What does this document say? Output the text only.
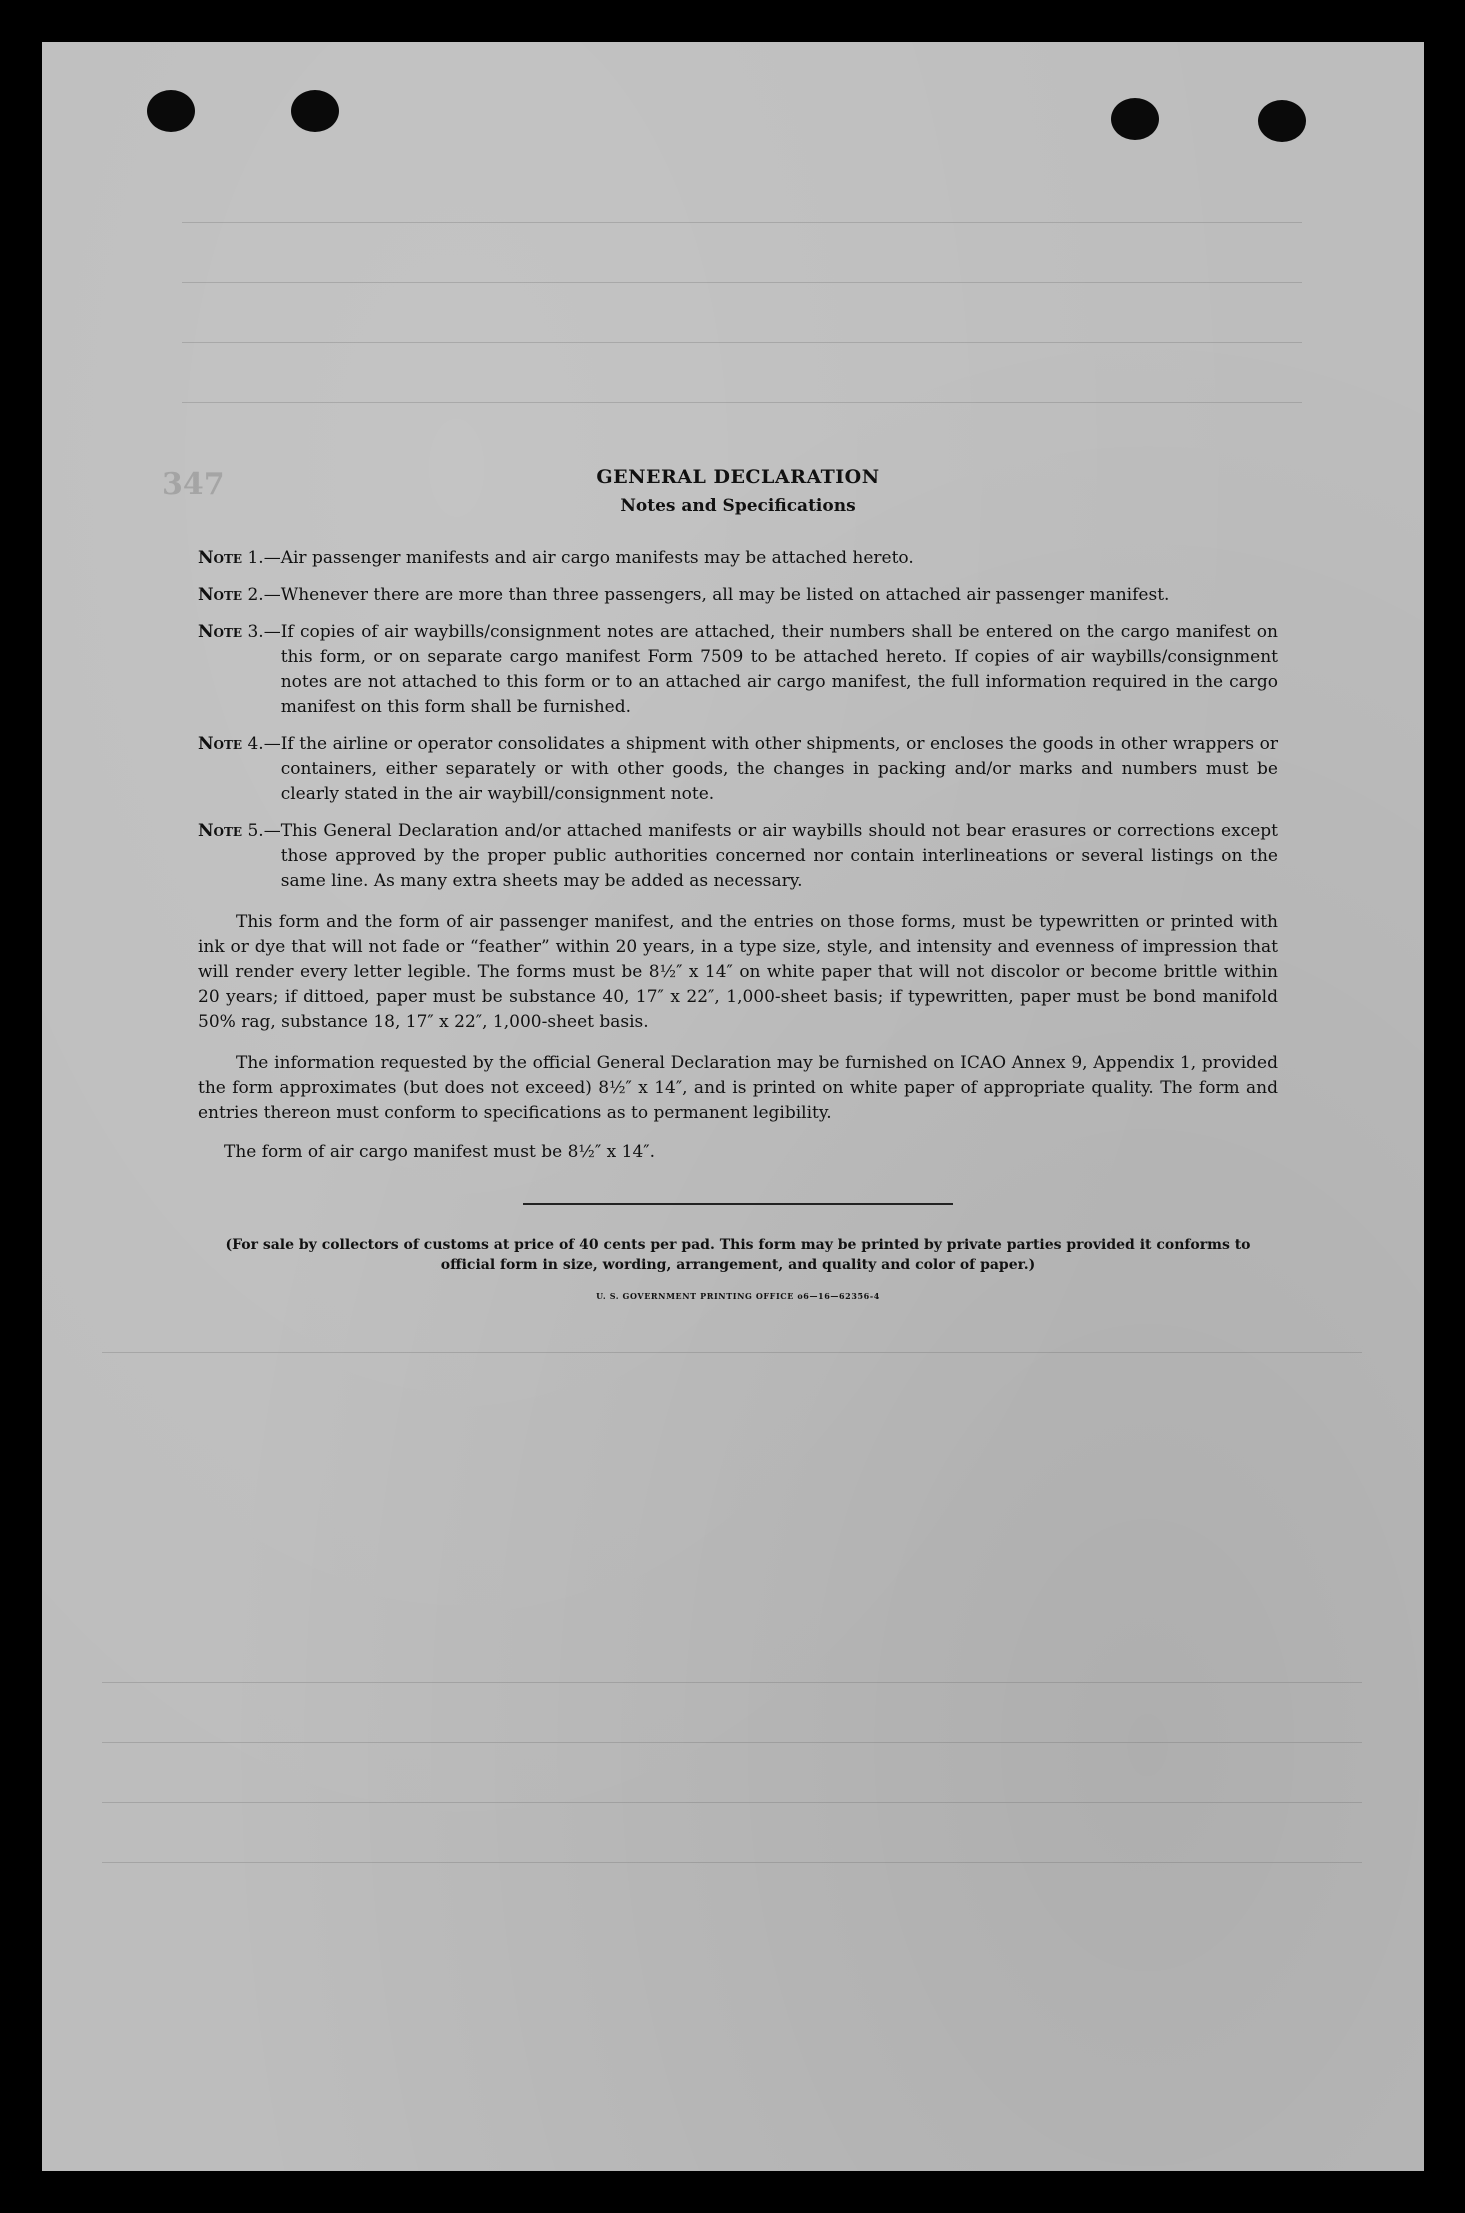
347	GENERAL DECLARATION
Notes and Specifications
Note 1.— Air passenger manifests and air cargo manifests may be attached hereto.
Note 2.— Whenever there are more than three passengers, all may be listed on attached air passenger manifest.
Note 3.— If copies of air waybills/consignment notes are attached, their numbers shall be entered on the cargo manifest on this form, or on separate cargo manifest Form 7509 to be attached hereto. If copies of air waybills/consignment notes are not attached to this form or to an attached air cargo manifest, the full information required in the cargo manifest on this form shall be furnished.
Note 4.— If the airline or operator consolidates a shipment with other shipments, or encloses the goods in other wrappers or containers, either separately or with other goods, the changes in packing and/or marks and numbers must be clearly stated in the air waybill/consignment note.
Note 5.— This General Declaration and/or attached manifests or air waybills should not bear erasures or corrections except those approved by the proper public authorities concerned nor contain interlineations or several listings on the same line. As many extra sheets may be added as necessary.

This form and the form of air passenger manifest, and the entries on those forms, must be typewritten or printed with ink or dye that will not fade or “feather” within 20 years, in a type size, style, and intensity and evenness of impression that will render every letter legible. The forms must be 8½″ x 14″ on white paper that will not discolor or become brittle within 20 years; if dittoed, paper must be substance 40, 17″ x 22″, 1,000-sheet basis; if typewritten, paper must be bond manifold 50% rag, substance 18, 17″ x 22″, 1,000-sheet basis.

The information requested by the official General Declaration may be furnished on ICAO Annex 9, Appendix 1, provided the form approximates (but does not exceed) 8½″ x 14″, and is printed on white paper of appropriate quality. The form and entries thereon must conform to specifications as to permanent legibility.

The form of air cargo manifest must be 8½″ x 14″.

(For sale by collectors of customs at price of 40 cents per pad. This form may be printed by private parties provided it conforms to official form in size, wording, arrangement, and quality and color of paper.)

U. S. GOVERNMENT PRINTING OFFICE o6—16—62356-4
